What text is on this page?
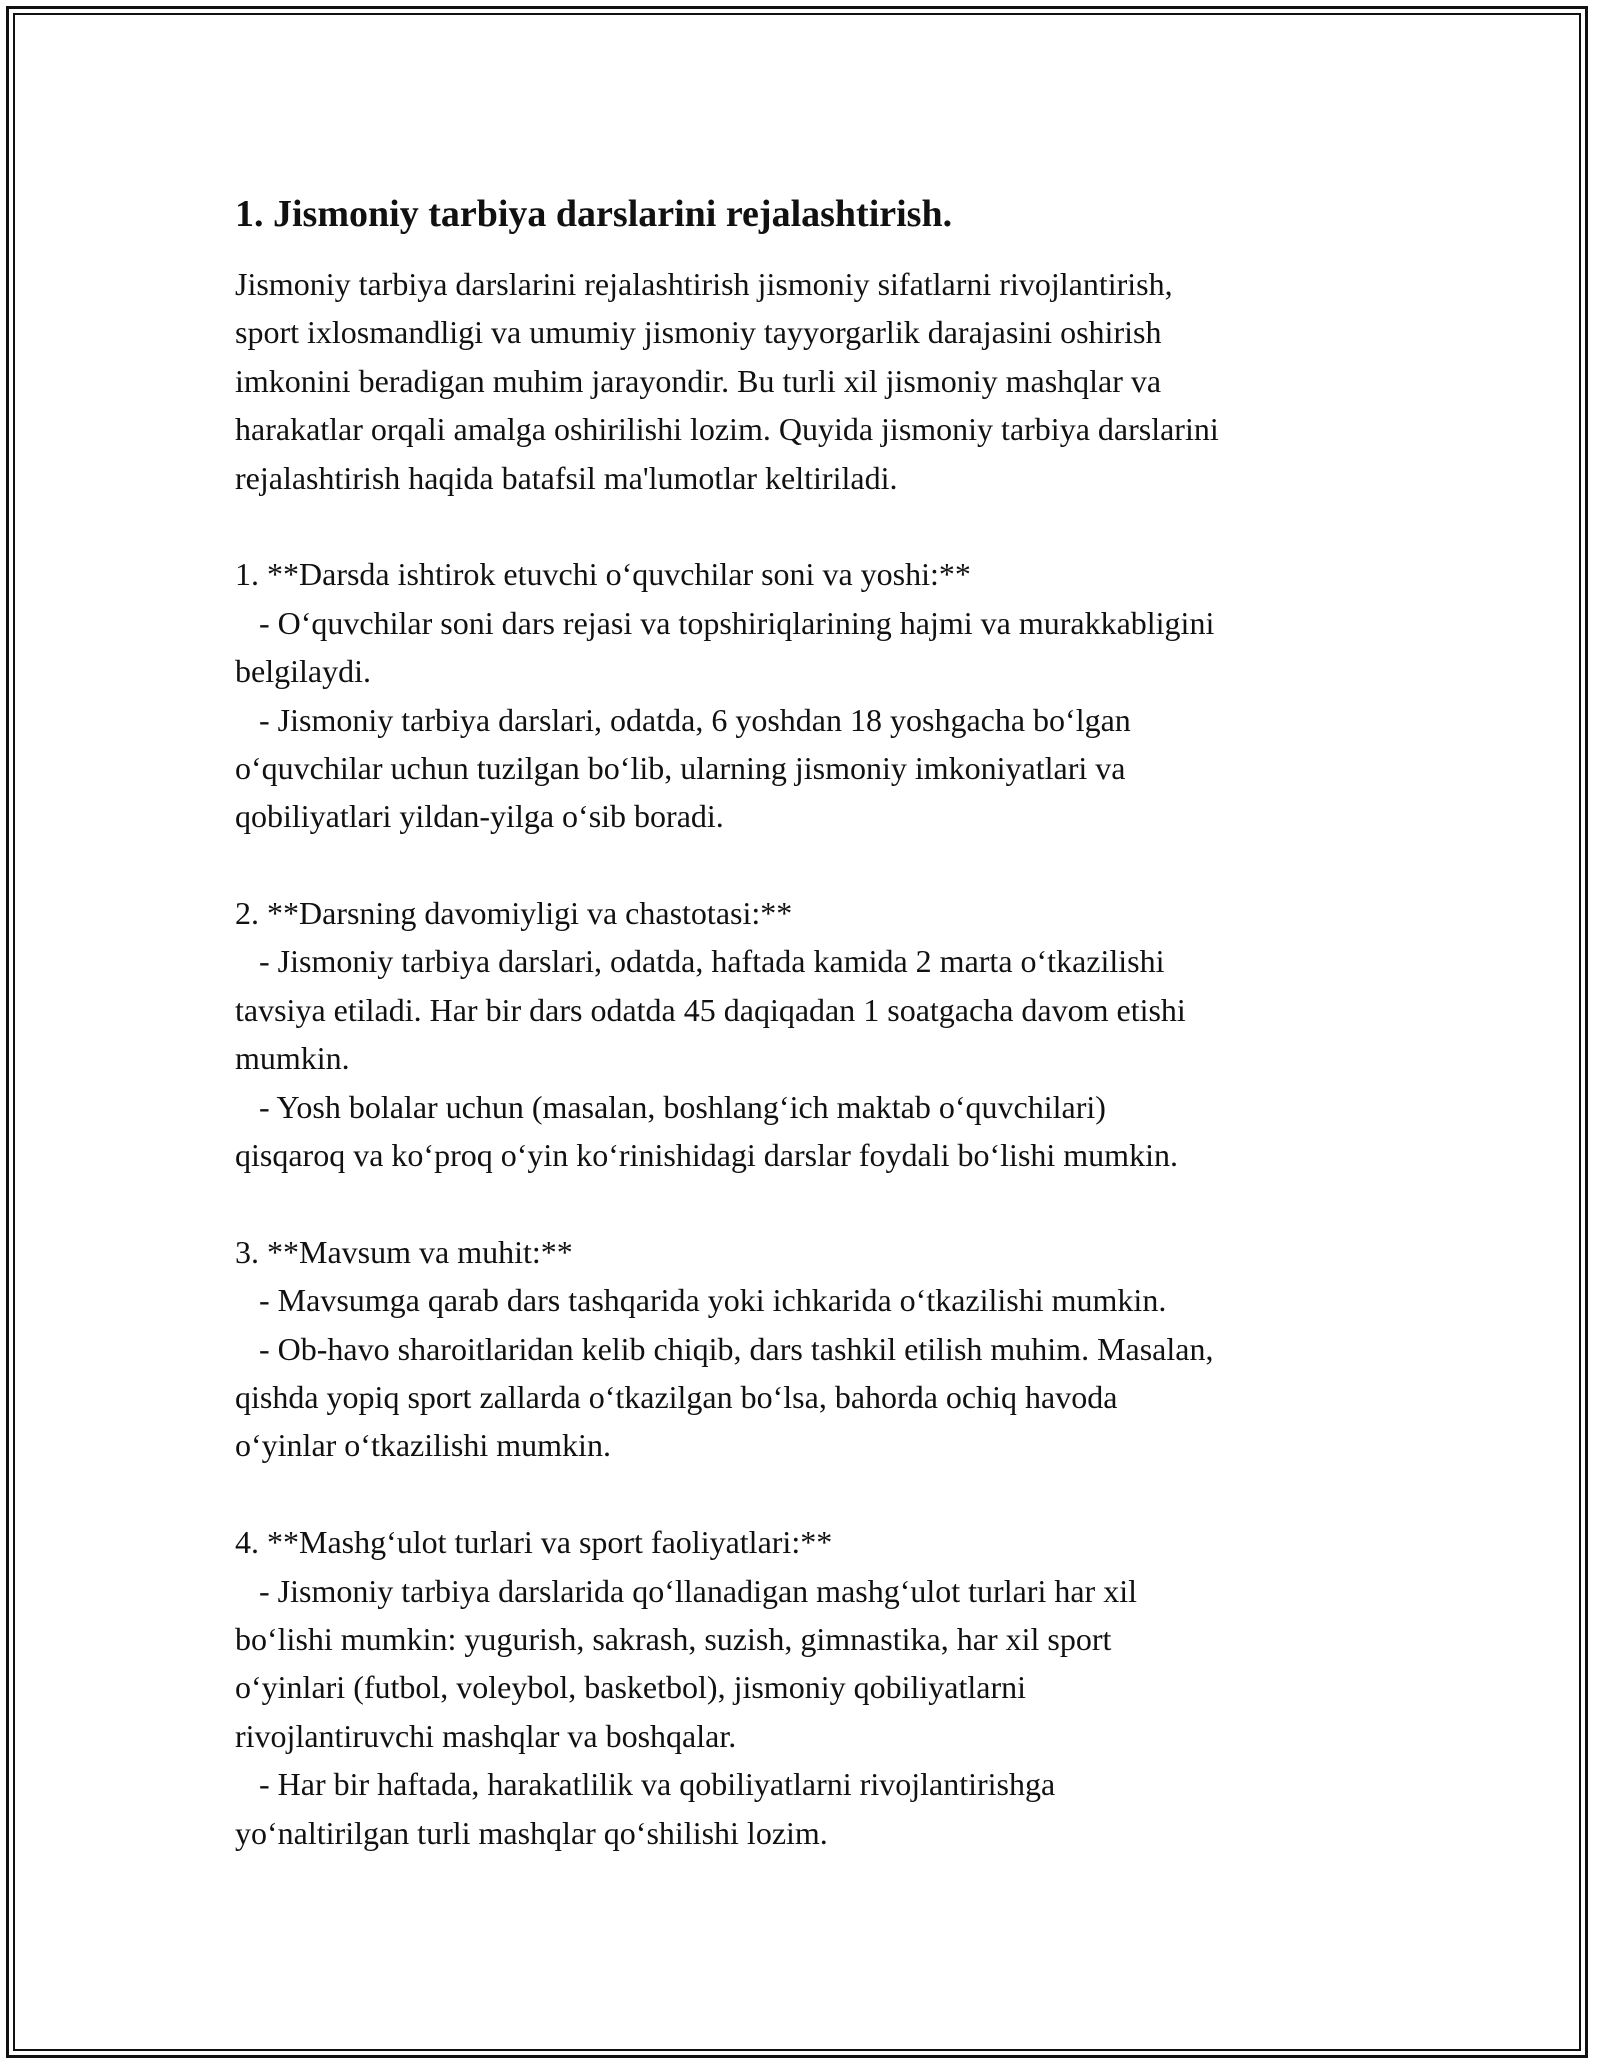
1. Jismoniy tarbiya darslarini rejalashtirish.
Jismoniy tarbiya darslarini rejalashtirish jismoniy sifatlarni rivojlantirish,
sport ixlosmandligi va umumiy jismoniy tayyorgarlik darajasini oshirish
imkonini beradigan muhim jarayondir. Bu turli xil jismoniy mashqlar va
harakatlar orqali amalga oshirilishi lozim. Quyida jismoniy tarbiya darslarini
rejalashtirish haqida batafsil ma'lumotlar keltiriladi.
1. **Darsda ishtirok etuvchi o‘quvchilar soni va yoshi:**
- O‘quvchilar soni dars rejasi va topshiriqlarining hajmi va murakkabligini
belgilaydi.
- Jismoniy tarbiya darslari, odatda, 6 yoshdan 18 yoshgacha bo‘lgan
o‘quvchilar uchun tuzilgan bo‘lib, ularning jismoniy imkoniyatlari va
qobiliyatlari yildan-yilga o‘sib boradi.
2. **Darsning davomiyligi va chastotasi:**
- Jismoniy tarbiya darslari, odatda, haftada kamida 2 marta o‘tkazilishi
tavsiya etiladi. Har bir dars odatda 45 daqiqadan 1 soatgacha davom etishi
mumkin.
- Yosh bolalar uchun (masalan, boshlang‘ich maktab o‘quvchilari)
qisqaroq va ko‘proq o‘yin ko‘rinishidagi darslar foydali bo‘lishi mumkin.
3. **Mavsum va muhit:**
- Mavsumga qarab dars tashqarida yoki ichkarida o‘tkazilishi mumkin.
- Ob-havo sharoitlaridan kelib chiqib, dars tashkil etilish muhim. Masalan,
qishda yopiq sport zallarda o‘tkazilgan bo‘lsa, bahorda ochiq havoda
o‘yinlar o‘tkazilishi mumkin.
4. **Mashg‘ulot turlari va sport faoliyatlari:**
- Jismoniy tarbiya darslarida qo‘llanadigan mashg‘ulot turlari har xil
bo‘lishi mumkin: yugurish, sakrash, suzish, gimnastika, har xil sport
o‘yinlari (futbol, voleybol, basketbol), jismoniy qobiliyatlarni
rivojlantiruvchi mashqlar va boshqalar.
- Har bir haftada, harakatlilik va qobiliyatlarni rivojlantirishga
yo‘naltirilgan turli mashqlar qo‘shilishi lozim.
